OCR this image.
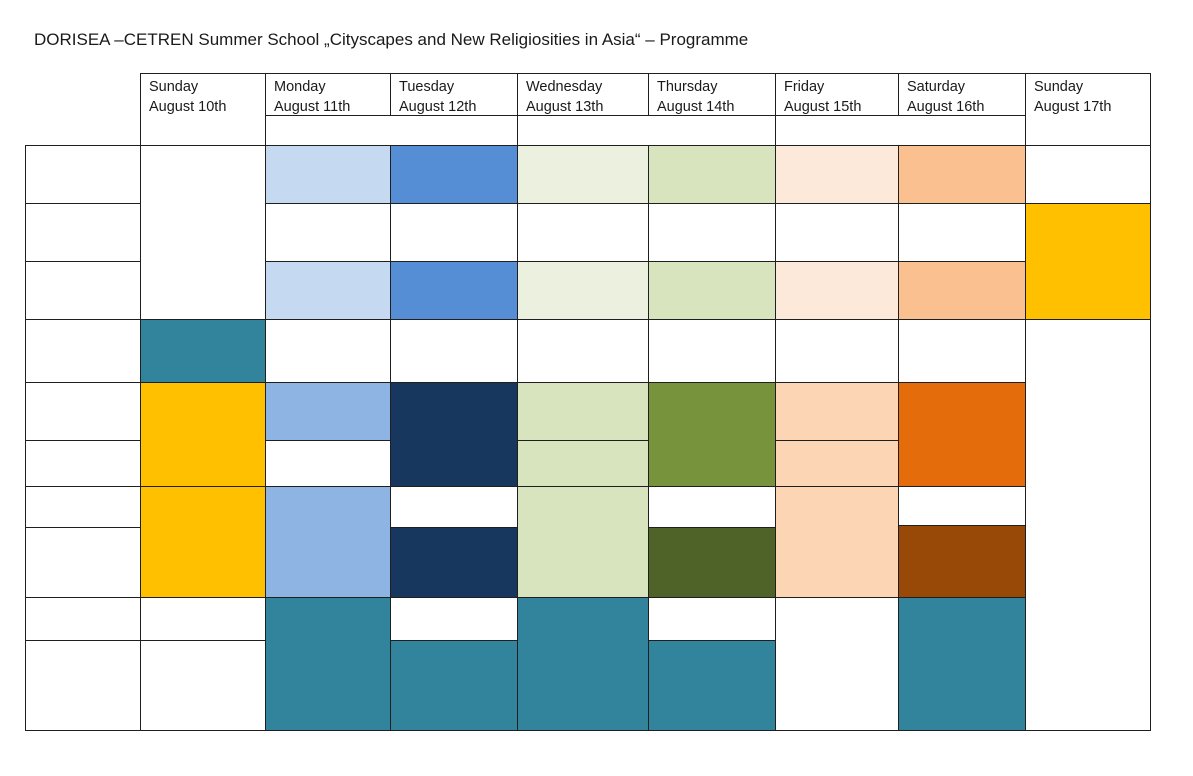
DORISEA –CETREN Summer School „Cityscapes and New Religiosities in Asia“ – Programme
Sunday
August 10th
Monday
August 11th
Tuesday
August 12th
Wednesday
August 13th
Thursday
August 14th
Friday
August 15th
Saturday
August 16th
Sunday
August 17th
